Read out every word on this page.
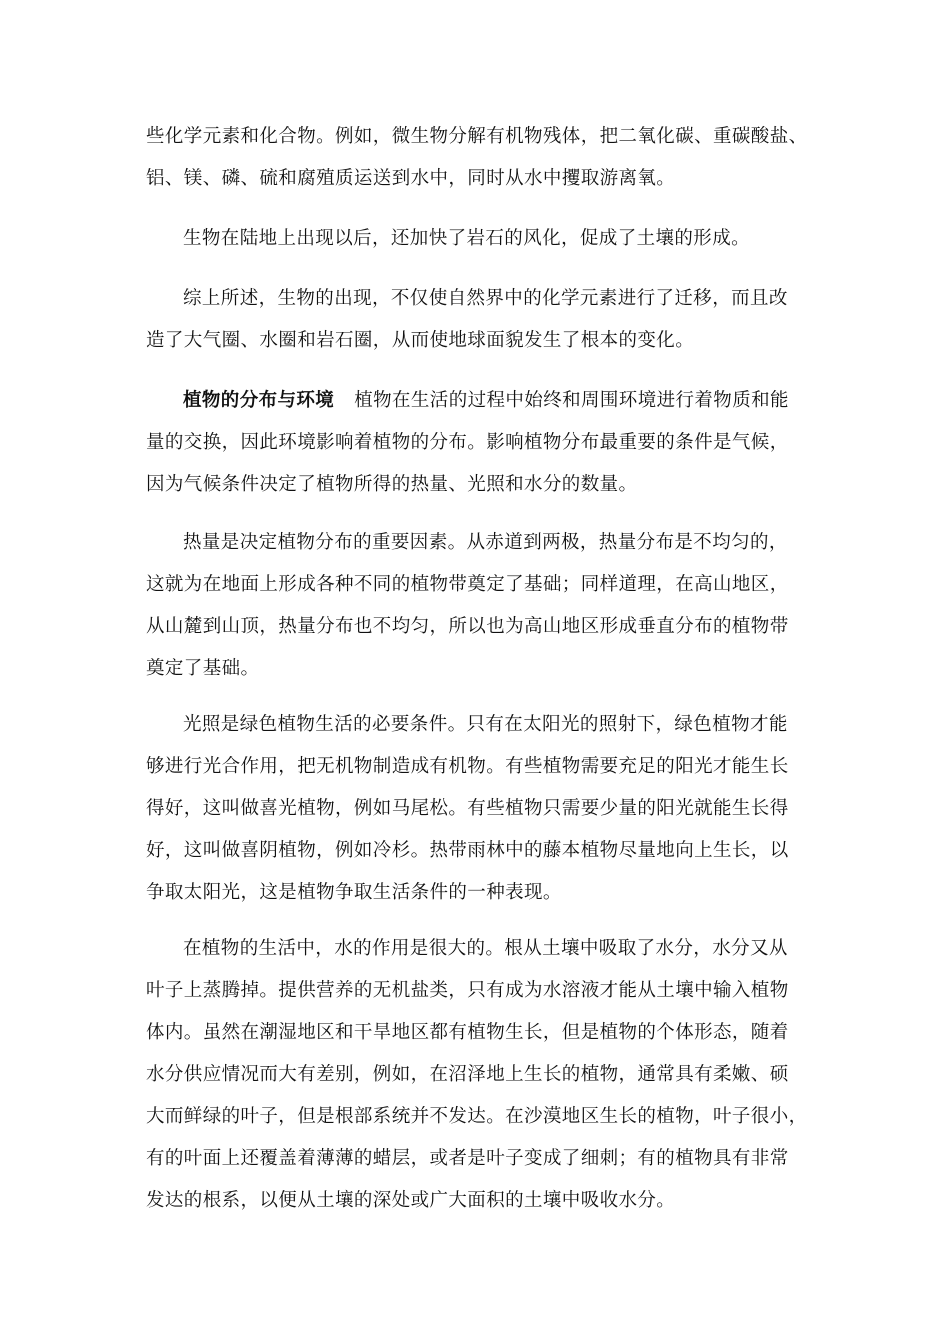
些化学元素和化合物。例如，微生物分解有机物残体，把二氧化碳、重碳酸盐、
铝、镁、磷、硫和腐殖质运送到水中，同时从水中攫取游离氧。
生物在陆地上出现以后，还加快了岩石的风化，促成了土壤的形成。
综上所述，生物的出现，不仅使自然界中的化学元素进行了迁移，而且改
造了大气圈、水圈和岩石圈，从而使地球面貌发生了根本的变化。
植物的分布与环境 植物在生活的过程中始终和周围环境进行着物质和能
量的交换，因此环境影响着植物的分布。影响植物分布最重要的条件是气候，
因为气候条件决定了植物所得的热量、光照和水分的数量。
热量是决定植物分布的重要因素。从赤道到两极，热量分布是不均匀的，
这就为在地面上形成各种不同的植物带奠定了基础；同样道理，在高山地区，
从山麓到山顶，热量分布也不均匀，所以也为高山地区形成垂直分布的植物带
奠定了基础。
光照是绿色植物生活的必要条件。只有在太阳光的照射下，绿色植物才能
够进行光合作用，把无机物制造成有机物。有些植物需要充足的阳光才能生长
得好，这叫做喜光植物，例如马尾松。有些植物只需要少量的阳光就能生长得
好，这叫做喜阴植物，例如冷杉。热带雨林中的藤本植物尽量地向上生长，以
争取太阳光，这是植物争取生活条件的一种表现。
在植物的生活中，水的作用是很大的。根从土壤中吸取了水分，水分又从
叶子上蒸腾掉。提供营养的无机盐类，只有成为水溶液才能从土壤中输入植物
体内。虽然在潮湿地区和干旱地区都有植物生长，但是植物的个体形态，随着
水分供应情况而大有差别，例如，在沼泽地上生长的植物，通常具有柔嫩、硕
大而鲜绿的叶子，但是根部系统并不发达。在沙漠地区生长的植物，叶子很小，
有的叶面上还覆盖着薄薄的蜡层，或者是叶子变成了细刺；有的植物具有非常
发达的根系，以便从土壤的深处或广大面积的土壤中吸收水分。
